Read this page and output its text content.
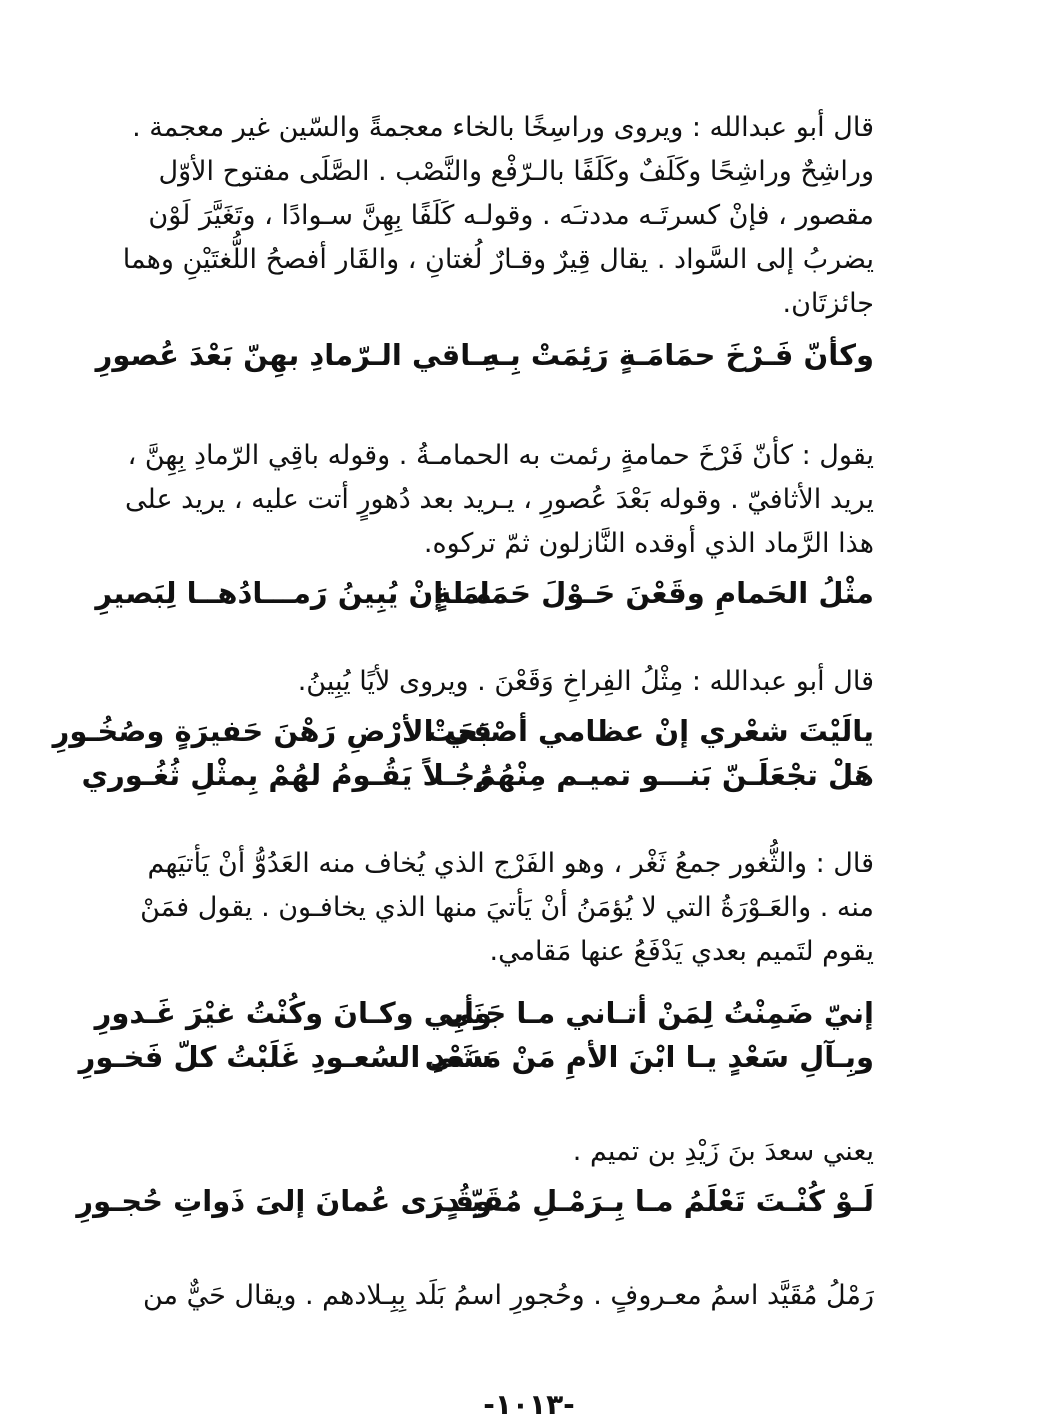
قال أبو عبدالله : ويروى وراسِخًا بالخاء معجمةً والسّين غير معجمة .
وراشِحٌ وراشِحًا وكَلَفٌ وكَلَفًا بالـرّفْع والنَّصْب . الصَّلَى مفتوح الأوّل
مقصور ، فإنْ كسرتَـه مددتـَه . وقولـه كَلَفًا بِهِنَّ سـوادًا ، وتَغَيَّرَ لَوْن
يضربُ إلى السَّواد . يقال قِيرٌ وقـارٌ لُغتانِ ، والقَار أفصحُ اللُّغتَيْنِ وهما
جائزتَان.
وكأنّ فَـرْخَ حمَامَـةٍ رَئِمَتْ بِـهِ
بـاقي الـرّمادِ بهِنّ بَعْدَ عُصورِ
يقول : كأنّ فَرْخَ حمامةٍ رئمت به الحمامـةُ . وقوله باقِي الرّمادِ بِهِنَّ ،
يريد الأثافيّ . وقوله بَعْدَ عُصورِ ، يـريد بعد دُهورٍ أتت عليه ، يريد على
هذا الرَّماد الذي أوقده النَّازلون ثمّ تركوه.
مثْلُ الحَمامِ وقَعْنَ حَـوْلَ حَمَامَـةٍ
مـا إنْ يُبِينُ رَمـــادُهــا لِبَصيرِ
قال أبو عبدالله : مِثْلُ الفِراخِ وَقَعْنَ . ويروى لأيًا يُبِينُ.
يالَيْتَ شعْري إنْ عظامي أصْبَحَتْ
في الأرْضِ رَهْنَ حَفيرَةٍ وصُخُـورِ
هَلْ تجْعَلَـنّ بَنـــو تميـم مِنْهُمُ
رَجُـلاً يَقُـومُ لهُمْ بِمثْلِ ثُغُـوري
قال : والثُّغور جمعُ ثَغْر ، وهو الفَرْج الذي يُخاف منه العَدُوُّ أنْ يَأتيَهم
منه . والعَـوْرَةُ التي لا يُؤمَنُ أنْ يَأتيَ منها الذي يخافـون . يقول فمَنْ
يقوم لتَميم بعدي يَدْفَعُ عنها مَقامي.
إنيّ ضَمِنْتُ لِمَنْ أتـاني مـا جَنَى
وأبِي وكـانَ وكُنْتُ غيْرَ غَـدورِ
وبِـآلِ سَعْدٍ يـا ابْنَ الأمِ مَنْ مَشَى
سَعْدِ السُعـودِ غَلَبْتُ كلّ فَخـورِ
يعني سعدَ بنَ زَيْدِ بن تميم .
لَـوْ كُنْـتَ تَعْلَمُ مـا بِـرَمْـلِ مُقَيّـدٍ
وقُـرَى عُمانَ إلىَ ذَواتِ حُجـورِ
رَمْلُ مُقَيَّد اسمُ معـروفٍ . وحُجورِ اسمُ بَلَد بِبِـلادهم . ويقال حَيٌّ من
-١٠١٣-
